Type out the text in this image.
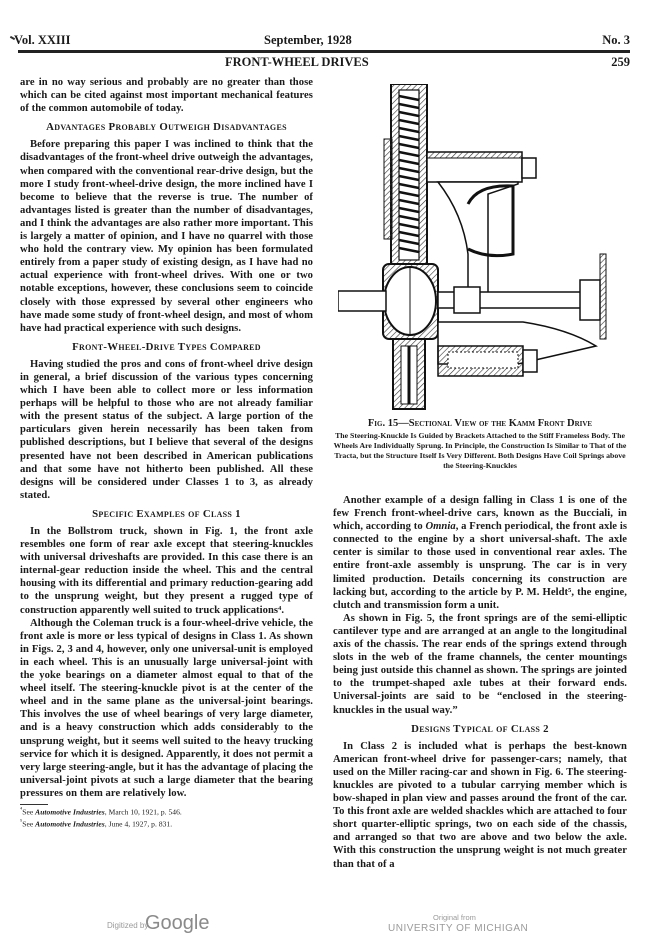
Vol. XXIII	September, 1928	No. 3
FRONT-WHEEL DRIVES	259

are in no way serious and probably are no greater than those which can be cited against most important mechanical features of the common automobile of today.

Advantages Probably Outweigh Disadvantages

Before preparing this paper I was inclined to think that the disadvantages of the front-wheel drive outweigh the advantages, when compared with the conventional rear-drive design, but the more I study front-wheel-drive design, the more inclined have I become to believe that the reverse is true. The number of advantages listed is greater than the number of disadvantages, and I think the advantages are also rather more important. This is largely a matter of opinion, and I have no quarrel with those who hold the contrary view. My opinion has been formulated entirely from a paper study of existing design, as I have had no actual experience with front-wheel drives. With one or two notable exceptions, however, these conclusions seem to coincide closely with those expressed by several other engineers who have made some study of front-wheel design, and most of whom have had practical experience with such designs.

Front-Wheel-Drive Types Compared

Having studied the pros and cons of front-wheel drive design in general, a brief discussion of the various types concerning which I have been able to collect more or less information perhaps will be helpful to those who are not already familiar with the present status of the subject. A large portion of the particulars given herein necessarily has been taken from published descriptions, but I believe that several of the designs presented have not been described in American publications and that some have not hitherto been published. All these designs will be considered under Classes 1 to 3, as already stated.

Specific Examples of Class 1

In the Bollstrom truck, shown in Fig. 1, the front axle resembles one form of rear axle except that steering-knuckles with universal driveshafts are provided. In this case there is an internal-gear reduction inside the wheel. This and the central housing with its differential and primary reduction-gearing add to the unsprung weight, but they present a rugged type of construction apparently well suited to truck applications⁴.

Although the Coleman truck is a four-wheel-drive vehicle, the front axle is more or less typical of designs in Class 1. As shown in Figs. 2, 3 and 4, however, only one universal-unit is employed in each wheel. This is an unusually large universal-joint with the yoke bearings on a diameter almost equal to that of the wheel itself. The steering-knuckle pivot is at the center of the wheel and in the same plane as the universal-joint bearings. This involves the use of wheel bearings of very large diameter, and is a heavy construction which adds considerably to the unsprung weight, but it seems well suited to the heavy trucking service for which it is designed. Apparently, it does not permit a very large steering-angle, but it has the advantage of placing the universal-joint pivots at such a large diameter that the bearing pressures on them are relatively low.

$^{^4}$See Automotive Industries, March 10, 1921, p. 546.

$^{^5}$See Automotive Industries, June 4, 1927, p. 831.

Fig. 15—Sectional View of the Kamm Front Drive
The Steering-Knuckle Is Guided by Brackets Attached to the Stiff Frameless Body. The Wheels Are Individually Sprung. In Principle, the Construction Is Similar to That of the Tracta, but the Structure Itself Is Very Different. Both Designs Have Coil Springs above the Steering-Knuckles

Another example of a design falling in Class 1 is one of the few French front-wheel-drive cars, known as the Bucciali, in which, according to Omnia, a French periodical, the front axle is connected to the engine by a short universal-shaft. The axle center is similar to those used in conventional rear axles. The entire front-axle assembly is unsprung. The car is in very limited production. Details concerning its construction are lacking but, according to the article by P. M. Heldt⁵, the engine, clutch and transmission form a unit.

As shown in Fig. 5, the front springs are of the semi-elliptic cantilever type and are arranged at an angle to the longitudinal axis of the chassis. The rear ends of the springs extend through slots in the web of the frame channels, the center mountings being just outside this channel as shown. The springs are jointed to the trumpet-shaped axle tubes at their forward ends. Universal-joints are said to be “enclosed in the steering-knuckles in the usual way.”

Designs Typical of Class 2

In Class 2 is included what is perhaps the best-known American front-wheel drive for passenger-cars; namely, that used on the Miller racing-car and shown in Fig. 6. The steering-knuckles are pivoted to a tubular carrying member which is bow-shaped in plan view and passes around the front of the car. To this front axle are welded shackles which are attached to four short quarter-elliptic springs, two on each side of the chassis, and arranged so that two are above and two below the axle. With this construction the unsprung weight is not much greater than that of a

Digitized by
Google	Original from
UNIVERSITY OF MICHIGAN
